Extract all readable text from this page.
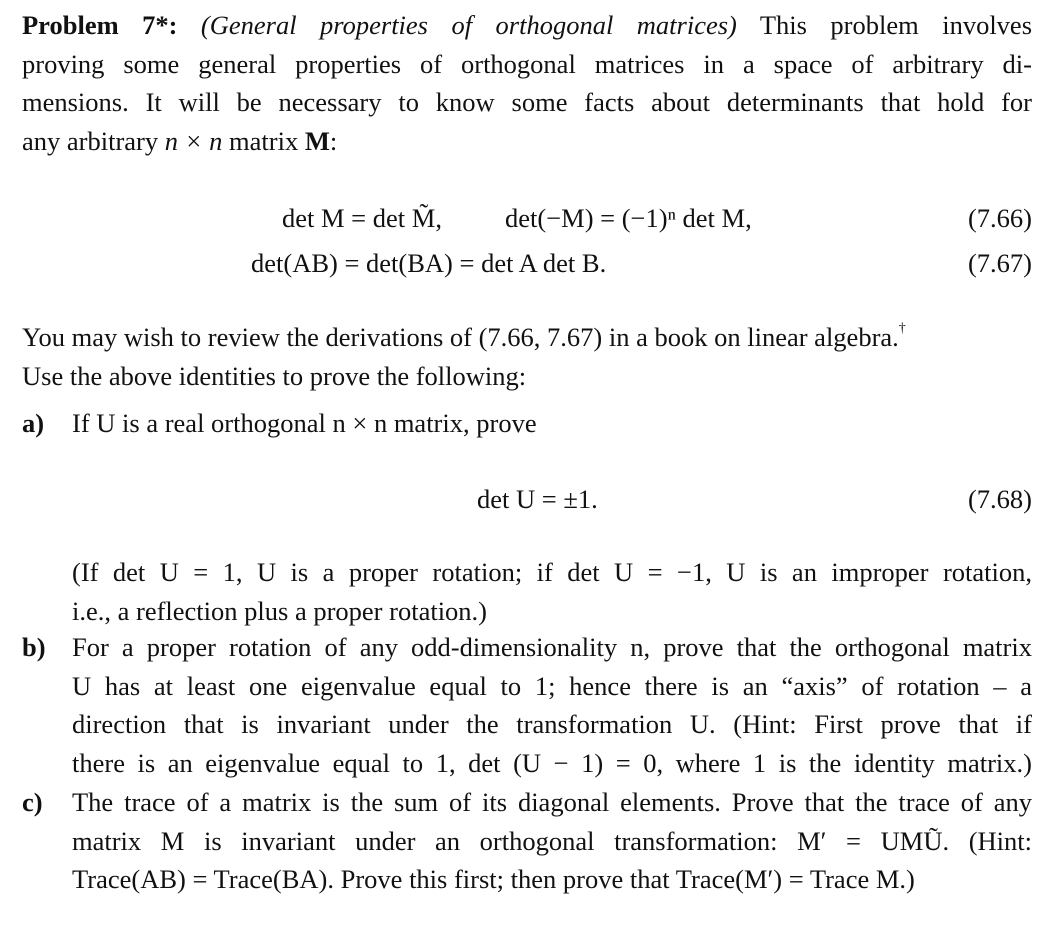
Problem 7*: (General properties of orthogonal matrices) This problem involves

proving some general properties of orthogonal matrices in a space of arbitrary di-

mensions. It will be necessary to know some facts about determinants that hold for

any arbitrary n × n matrix M:

det M = det M̃, det(−M) = (−1)ⁿ det M,	(7.66)
det(AB) = det(BA) = det A det B.	(7.67)
You may wish to review the derivations of (7.66, 7.67) in a book on linear algebra.†
Use the above identities to prove the following:
a) If U is a real orthogonal n × n matrix, prove
det U = ±1.	(7.68)
(If det U = 1, U is a proper rotation; if det U = −1, U is an improper rotation,
i.e., a reflection plus a proper rotation.)
b) For a proper rotation of any odd-dimensionality n, prove that the orthogonal matrix
U has at least one eigenvalue equal to 1; hence there is an “axis” of rotation – a
direction that is invariant under the transformation U. (Hint: First prove that if
there is an eigenvalue equal to 1, det (U − 1) = 0, where 1 is the identity matrix.)
c) The trace of a matrix is the sum of its diagonal elements. Prove that the trace of any
matrix M is invariant under an orthogonal transformation: M′ = UMŨ. (Hint:
Trace(AB) = Trace(BA). Prove this first; then prove that Trace(M′) = Trace M.)
